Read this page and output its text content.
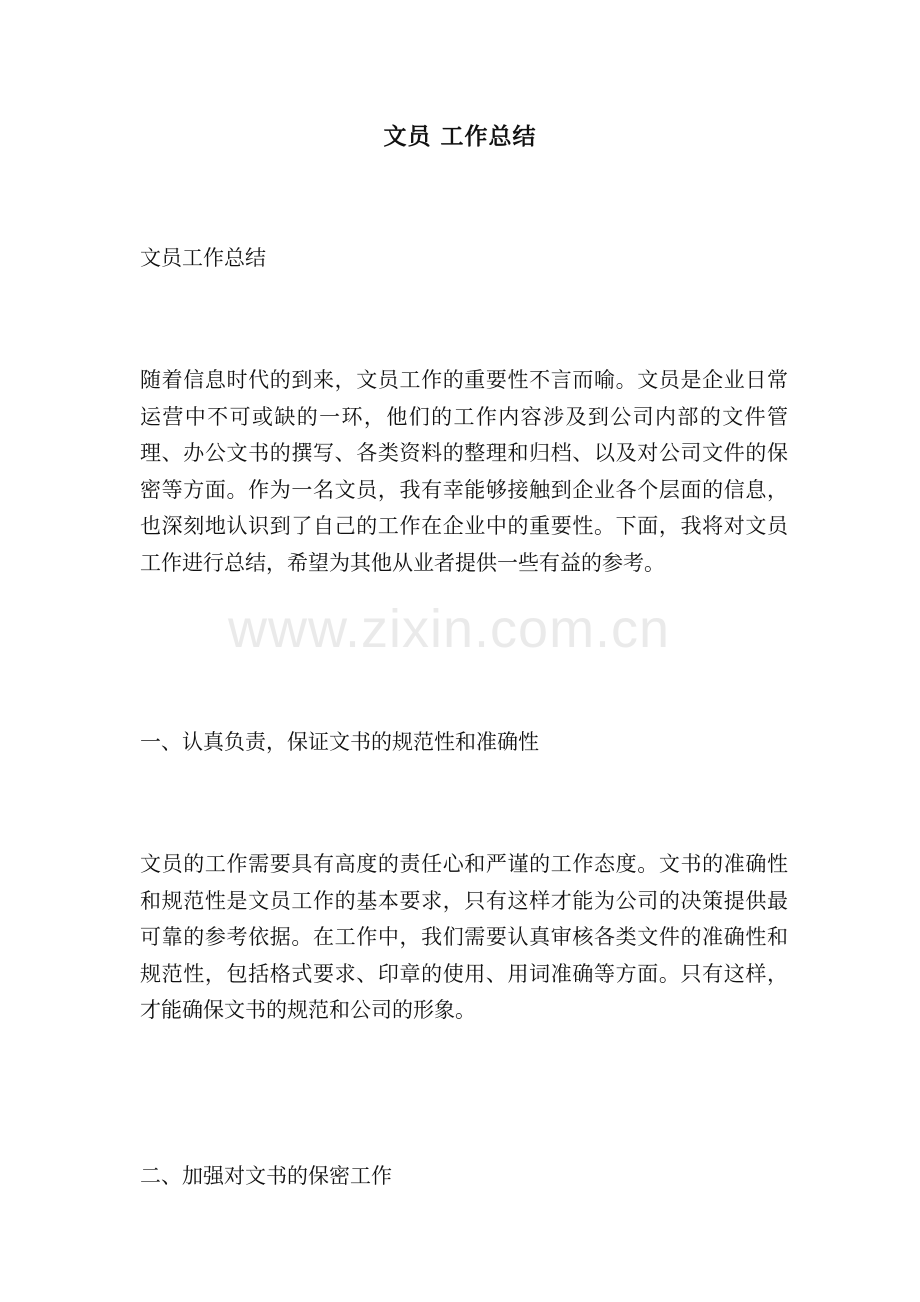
文员 工作总结

文员工作总结

随着信息时代的到来，文员工作的重要性不言而喻。文员是企业日常运营中不可或缺的一环，他们的工作内容涉及到公司内部的文件管理、办公文书的撰写、各类资料的整理和归档、以及对公司文件的保密等方面。作为一名文员，我有幸能够接触到企业各个层面的信息，也深刻地认识到了自己的工作在企业中的重要性。下面，我将对文员工作进行总结，希望为其他从业者提供一些有益的参考。

一、认真负责，保证文书的规范性和准确性

文员的工作需要具有高度的责任心和严谨的工作态度。文书的准确性和规范性是文员工作的基本要求，只有这样才能为公司的决策提供最可靠的参考依据。在工作中，我们需要认真审核各类文件的准确性和规范性，包括格式要求、印章的使用、用词准确等方面。只有这样，才能确保文书的规范和公司的形象。

二、加强对文书的保密工作

www.zixin.com.cn
